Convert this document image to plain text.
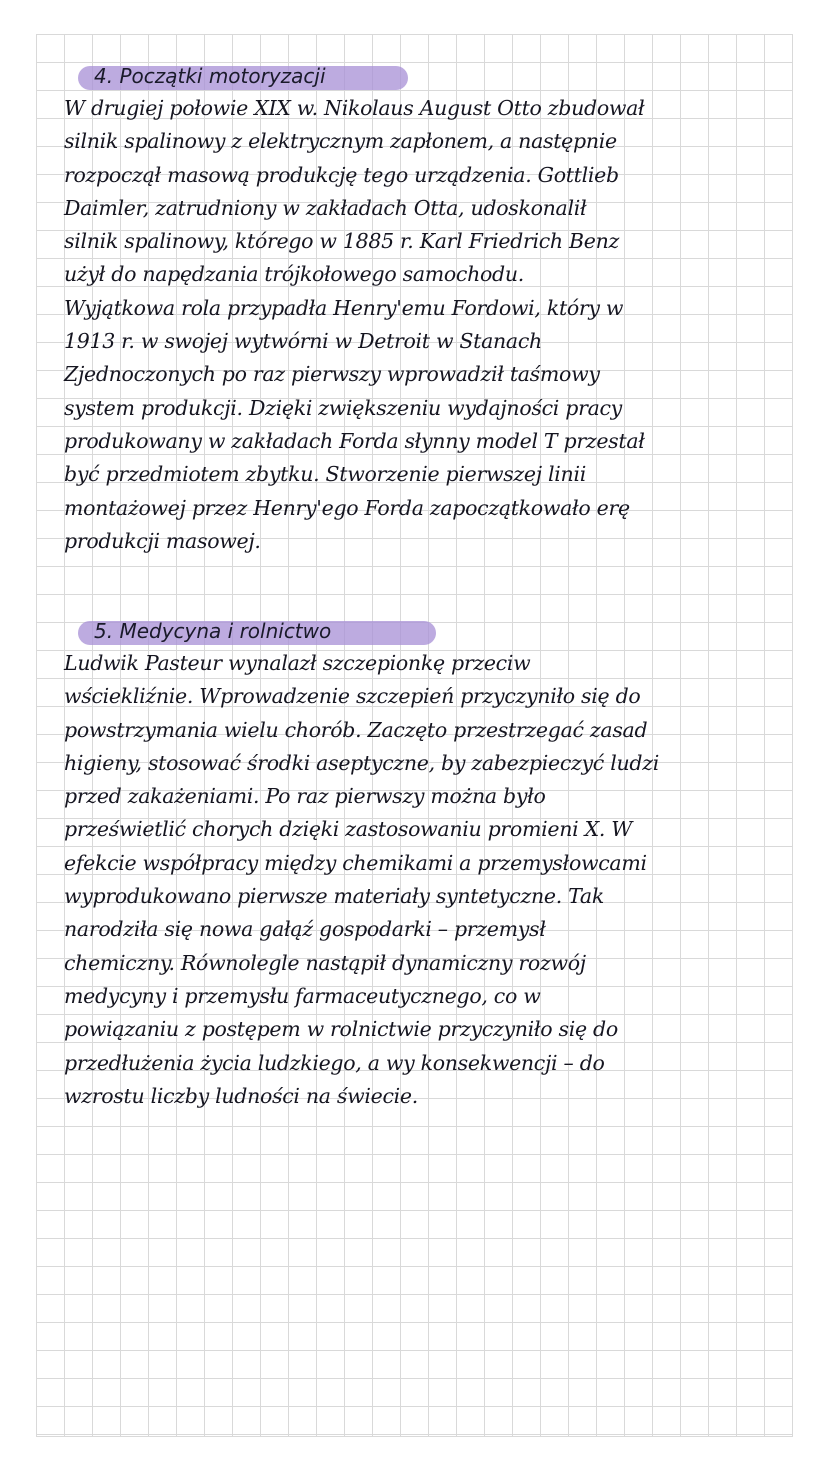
4. Początki motoryzacji

W drugiej połowie XIX w. Nikolaus August Otto zbudował
silnik spalinowy z elektrycznym zapłonem, a następnie
rozpoczął masową produkcję tego urządzenia. Gottlieb
Daimler, zatrudniony w zakładach Otta, udoskonalił
silnik spalinowy, którego w 1885 r. Karl Friedrich Benz
użył do napędzania trójkołowego samochodu.
Wyjątkowa rola przypadła Henry'emu Fordowi, który w
1913 r. w swojej wytwórni w Detroit w Stanach
Zjednoczonych po raz pierwszy wprowadził taśmowy
system produkcji. Dzięki zwiększeniu wydajności pracy
produkowany w zakładach Forda słynny model T przestał
być przedmiotem zbytku. Stworzenie pierwszej linii
montażowej przez Henry'ego Forda zapoczątkowało erę
produkcji masowej.

5. Medycyna i rolnictwo

Ludwik Pasteur wynalazł szczepionkę przeciw
wściekliźnie. Wprowadzenie szczepień przyczyniło się do
powstrzymania wielu chorób. Zaczęto przestrzegać zasad
higieny, stosować środki aseptyczne, by zabezpieczyć ludzi
przed zakażeniami. Po raz pierwszy można było
prześwietlić chorych dzięki zastosowaniu promieni X. W
efekcie współpracy między chemikami a przemysłowcami
wyprodukowano pierwsze materiały syntetyczne. Tak
narodziła się nowa gałąź gospodarki – przemysł
chemiczny. Równolegle nastąpił dynamiczny rozwój
medycyny i przemysłu farmaceutycznego, co w
powiązaniu z postępem w rolnictwie przyczyniło się do
przedłużenia życia ludzkiego, a wy konsekwencji – do
wzrostu liczby ludności na świecie.
